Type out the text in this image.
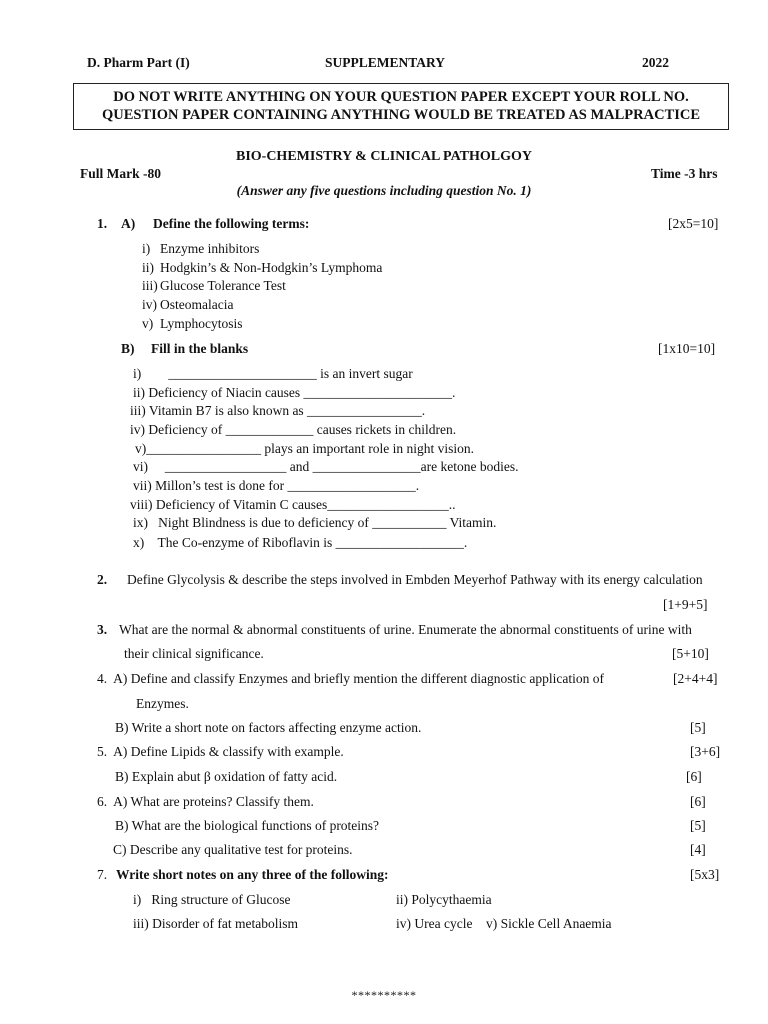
D. Pharm Part (I)	SUPPLEMENTARY	2022
DO NOT WRITE ANYTHING ON YOUR QUESTION PAPER EXCEPT YOUR ROLL NO.
QUESTION PAPER CONTAINING ANYTHING WOULD BE TREATED AS MALPRACTICE
BIO-CHEMISTRY & CLINICAL PATHOLGOY
Full Mark -80	Time -3 hrs
(Answer any five questions including question No. 1)
1. A) Define the following terms:	[2x5=10]
i) Enzyme inhibitors
ii) Hodgkin’s & Non-Hodgkin’s Lymphoma
iii) Glucose Tolerance Test
iv) Osteomalacia
v) Lymphocytosis
B) Fill in the blanks	[1x10=10]
i)        ______________________ is an invert sugar
ii) Deficiency of Niacin causes ______________________.
iii) Vitamin B7 is also known as _________________.
iv) Deficiency of _____________ causes rickets in children.
v)_________________ plays an important role in night vision.
vi)     __________________ and ________________are ketone bodies.
vii) Millon’s test is done for ___________________.
viii) Deficiency of Vitamin C causes__________________..
ix)   Night Blindness is due to deficiency of ___________ Vitamin.
x)    The Co-enzyme of Riboflavin is ___________________.
2. Define Glycolysis & describe the steps involved in Embden Meyerhof Pathway with its energy calculation
[1+9+5]
3. What are the normal & abnormal constituents of urine. Enumerate the abnormal constituents of urine with
their clinical significance.	[5+10]
4.  A) Define and classify Enzymes and briefly mention the different diagnostic application of	[2+4+4]
Enzymes.
B) Write a short note on factors affecting enzyme action.	[5]
5.  A) Define Lipids & classify with example.	[3+6]
B) Explain abut β oxidation of fatty acid.	[6]
6.  A) What are proteins? Classify them.	[6]
B) What are the biological functions of proteins?	[5]
C) Describe any qualitative test for proteins.	[4]
7. Write short notes on any three of the following:	[5x3]
i)   Ring structure of Glucose	ii) Polycythaemia
iii) Disorder of fat metabolism	iv) Urea cycle    v) Sickle Cell Anaemia
**********
